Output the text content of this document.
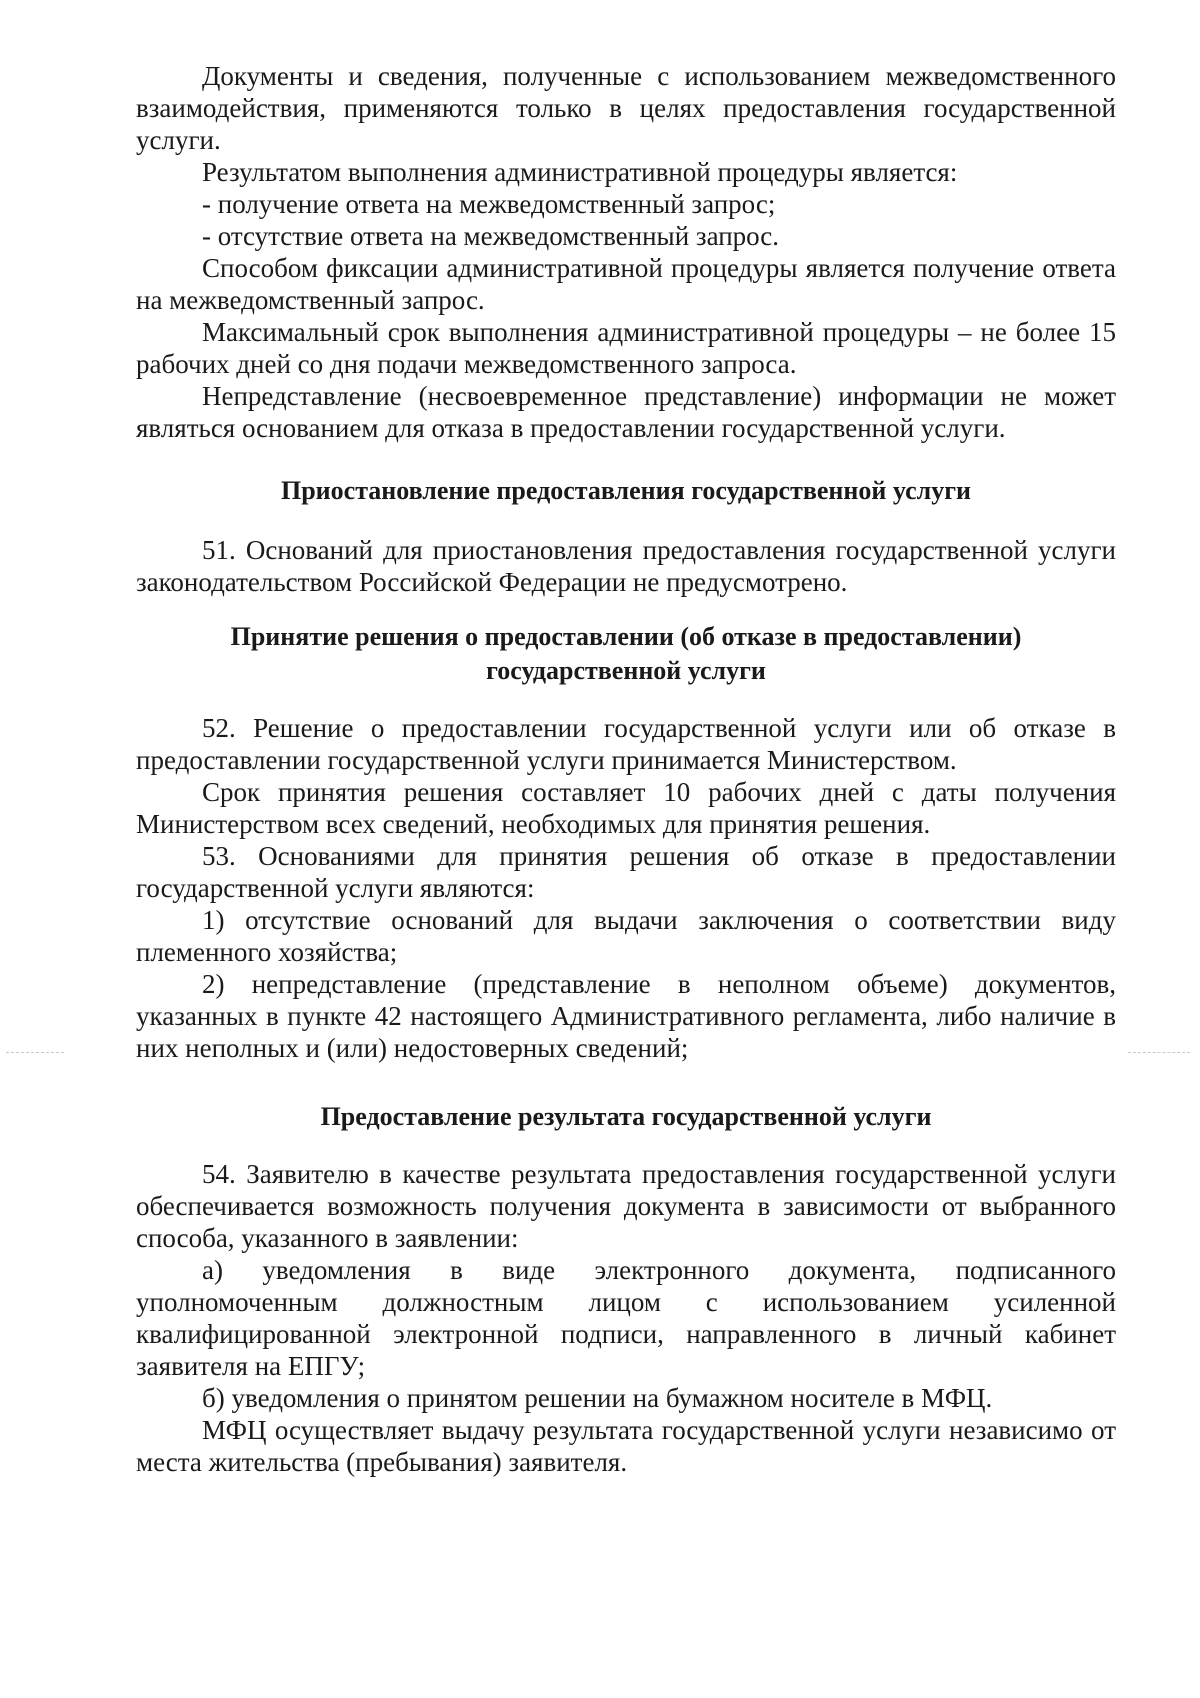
Документы и сведения, полученные с использованием межведомственного взаимодействия, применяются только в целях предоставления государственной услуги.

Результатом выполнения административной процедуры является:

- получение ответа на межведомственный запрос;

- отсутствие ответа на межведомственный запрос.

Способом фиксации административной процедуры является получение ответа на межведомственный запрос.

Максимальный срок выполнения административной процедуры – не более 15 рабочих дней со дня подачи межведомственного запроса.

Непредставление (несвоевременное представление) информации не может являться основанием для отказа в предоставлении государственной услуги.

Приостановление предоставления государственной услуги

51. Оснований для приостановления предоставления государственной услуги законодательством Российской Федерации не предусмотрено.

Принятие решения о предоставлении (об отказе в предоставлении)

государственной услуги

52. Решение о предоставлении государственной услуги или об отказе в предоставлении государственной услуги принимается Министерством.

Срок принятия решения составляет 10 рабочих дней с даты получения Министерством всех сведений, необходимых для принятия решения.

53. Основаниями для принятия решения об отказе в предоставлении государственной услуги являются:

1) отсутствие оснований для выдачи заключения о соответствии виду племенного хозяйства;

2) непредставление (представление в неполном объеме) документов, указанных в пункте 42 настоящего Административного регламента, либо наличие в них неполных и (или) недостоверных сведений;

Предоставление результата государственной услуги

54. Заявителю в качестве результата предоставления государственной услуги обеспечивается возможность получения документа в зависимости от выбранного способа, указанного в заявлении:

а) уведомления в виде электронного документа, подписанного уполномоченным должностным лицом с использованием усиленной квалифицированной электронной подписи, направленного в личный кабинет заявителя на ЕПГУ;

б) уведомления о принятом решении на бумажном носителе в МФЦ.

МФЦ осуществляет выдачу результата государственной услуги независимо от места жительства (пребывания) заявителя.
